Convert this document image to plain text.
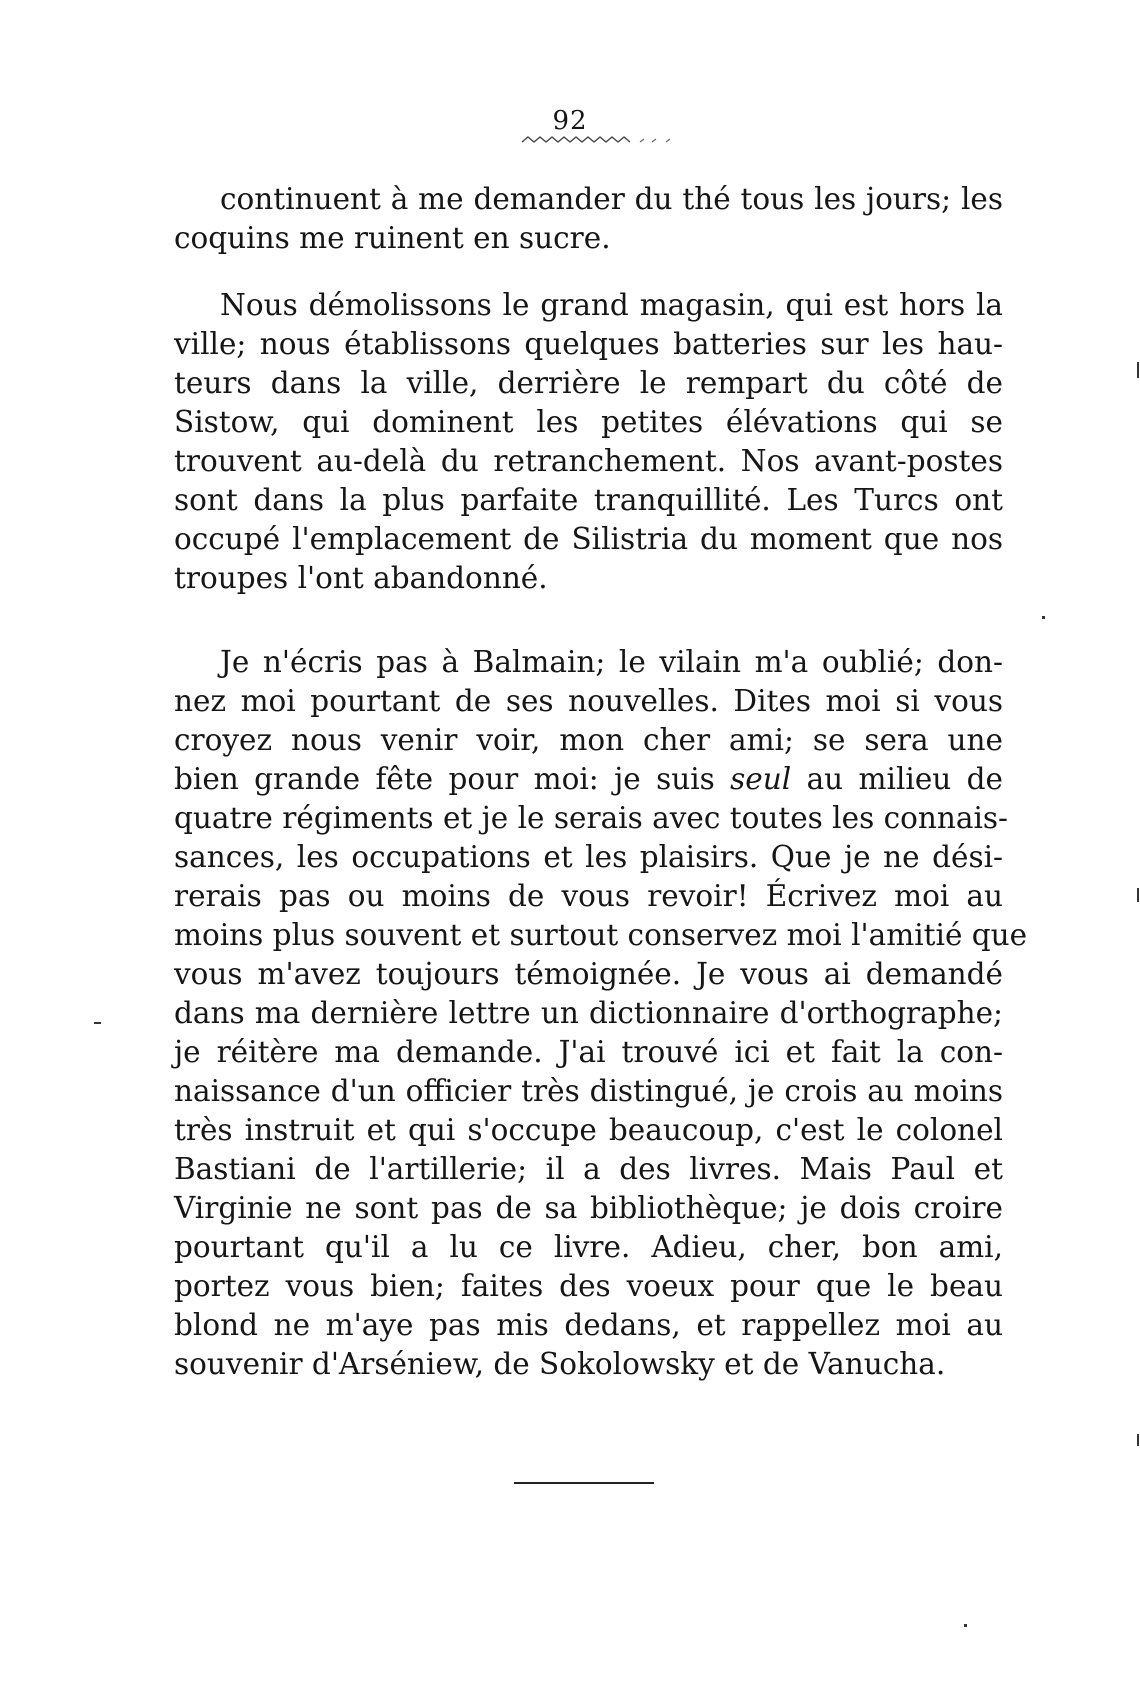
92
continuent à me demander du thé tous les jours; les
coquins me ruinent en sucre.
Nous démolissons le grand magasin, qui est hors la
ville; nous établissons quelques batteries sur les hau-
teurs dans la ville, derrière le rempart du côté de
Sistow, qui dominent les petites élévations qui se
trouvent au-delà du retranchement. Nos avant-postes
sont dans la plus parfaite tranquillité. Les Turcs ont
occupé l'emplacement de Silistria du moment que nos
troupes l'ont abandonné.
Je n'écris pas à Balmain; le vilain m'a oublié; don-
nez moi pourtant de ses nouvelles. Dites moi si vous
croyez nous venir voir, mon cher ami; se sera une
bien grande fête pour moi: je suis seul au milieu de
quatre régiments et je le serais avec toutes les connais-
sances, les occupations et les plaisirs. Que je ne dési-
rerais pas ou moins de vous revoir! Écrivez moi au
moins plus souvent et surtout conservez moi l'amitié que
vous m'avez toujours témoignée. Je vous ai demandé
dans ma dernière lettre un dictionnaire d'orthographe;
je réitère ma demande. J'ai trouvé ici et fait la con-
naissance d'un officier très distingué, je crois au moins
très instruit et qui s'occupe beaucoup, c'est le colonel
Bastiani de l'artillerie; il a des livres. Mais Paul et
Virginie ne sont pas de sa bibliothèque; je dois croire
pourtant qu'il a lu ce livre. Adieu, cher, bon ami,
portez vous bien; faites des voeux pour que le beau
blond ne m'aye pas mis dedans, et rappellez moi au
souvenir d'Arséniew, de Sokolowsky et de Vanucha.
